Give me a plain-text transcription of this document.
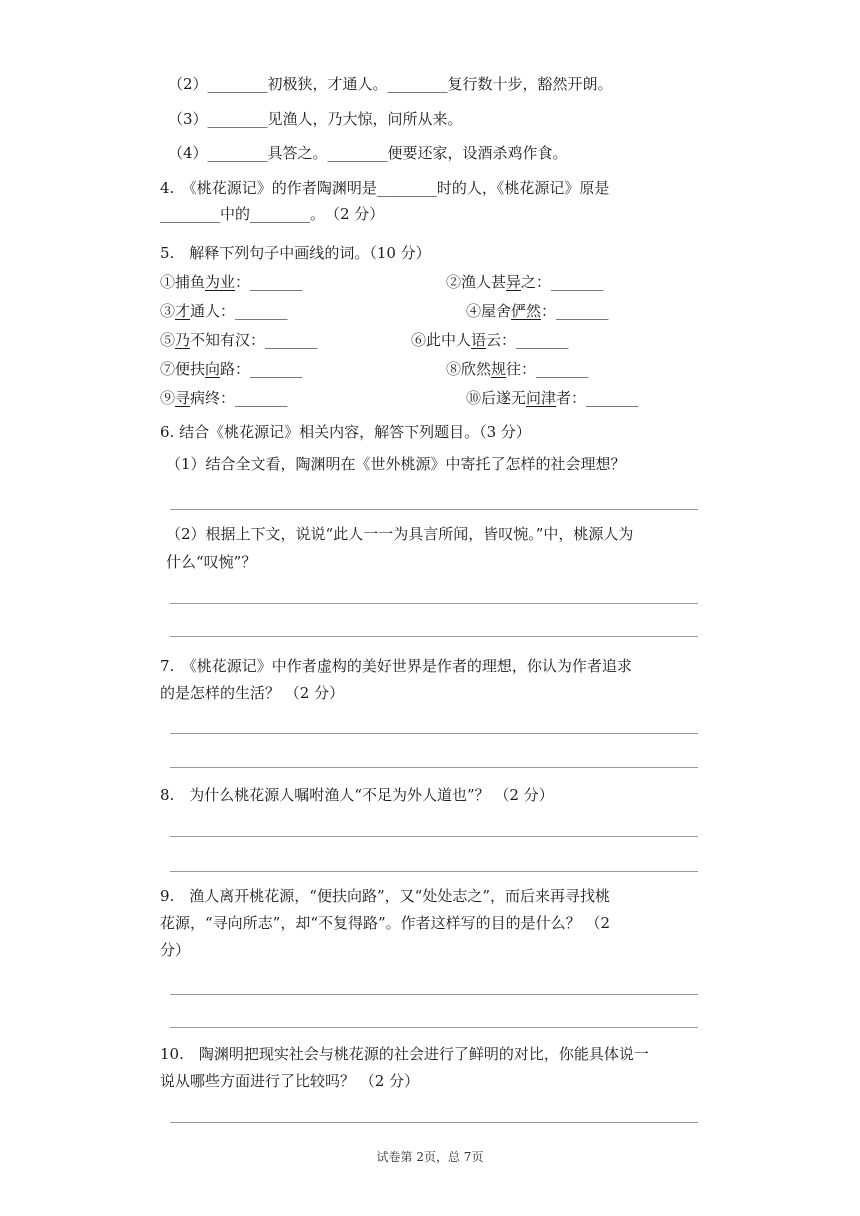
（2）________初极狭，才通人。________复行数十步，豁然开朗。
（3）________见渔人，乃大惊，问所从来。
（4）________具答之。________便要还家，设酒杀鸡作食。
4.　《桃花源记》的作者陶渊明是________时的人，《桃花源记》原是
________中的________。　（2 分）
5.　解释下列句子中画线的词。（10 分）
①捕鱼为业：_______	②渔人甚异之：_______
③才通人：_______	④屋舍俨然：_______
⑤乃不知有汉：_______	⑥此中人语云：_______
⑦便扶向路：_______	⑧欣然规往：_______
⑨寻病终：_______	⑩后遂无问津者：_______
6. 结合《桃花源记》相关内容，解答下列题目。（3 分）
（1）结合全文看，陶渊明在《世外桃源》中寄托了怎样的社会理想？
（2）根据上下文，说说“此人一一为具言所闻，皆叹惋。”中，桃源人为
什么“叹惋”？
7.　《桃花源记》中作者虚构的美好世界是作者的理想，你认为作者追求
的是怎样的生活？ （2 分）
8.　为什么桃花源人嘱咐渔人“不足为外人道也”？ （2 分）
9.　渔人离开桃花源，“便扶向路”，又“处处志之”，而后来再寻找桃
花源，“寻向所志”，却“不复得路”。作者这样写的目的是什么？ （2
分）
10.　陶渊明把现实社会与桃花源的社会进行了鲜明的对比，你能具体说一
说从哪些方面进行了比较吗？ （2 分）
试卷第 2页，总 7页
